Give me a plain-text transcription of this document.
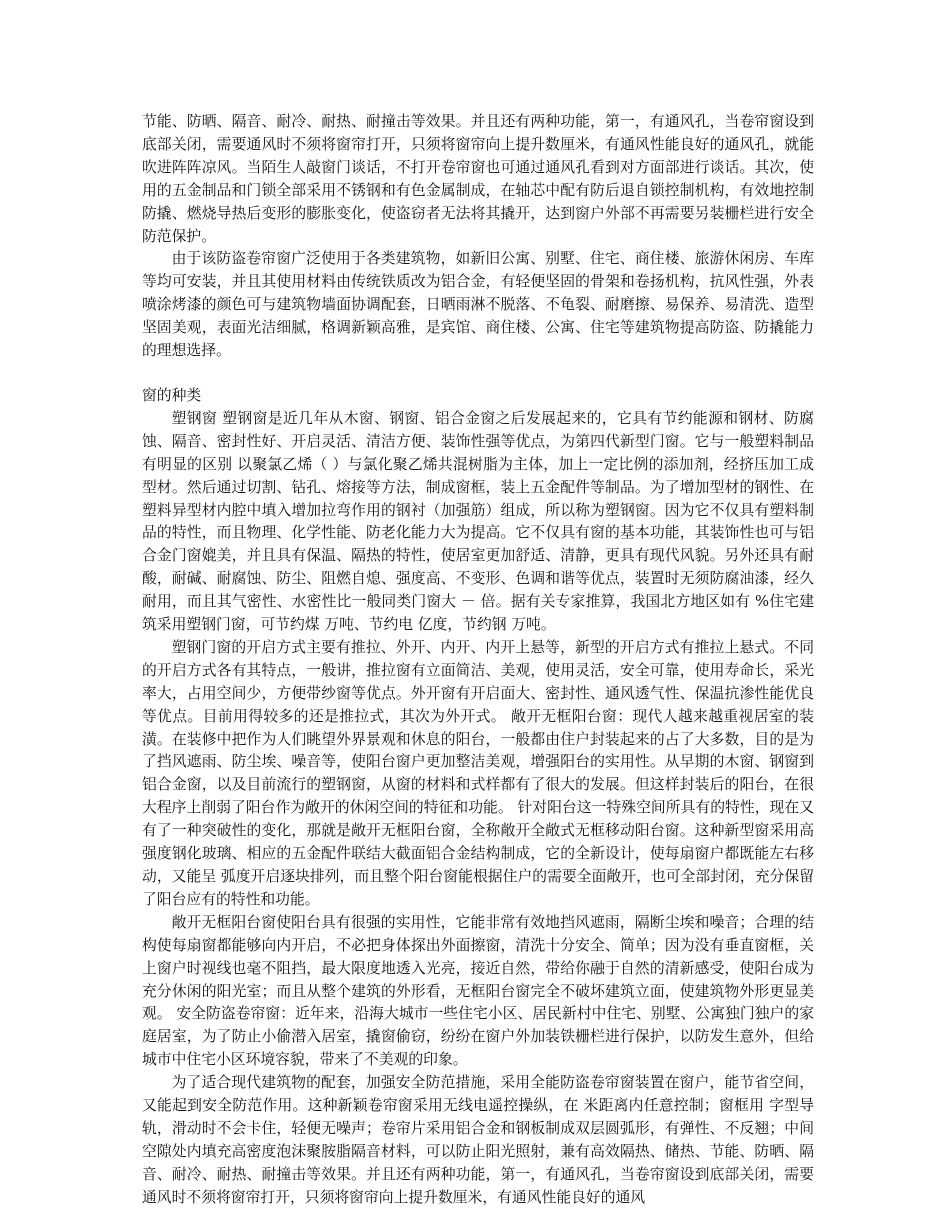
节能、防晒、隔音、耐冷、耐热、耐撞击等效果。并且还有两种功能，第一，有通风孔，当卷帘窗设到底部关闭，需要通风时不须将窗帘打开，只须将窗帘向上提升数厘米，有通风性能良好的通风孔，就能吹进阵阵凉风。当陌生人敲窗门谈话，不打开卷帘窗也可通过通风孔看到对方面部进行谈话。其次，使用的五金制品和门锁全部采用不锈钢和有色金属制成，在轴芯中配有防后退自锁控制机构，有效地控制防撬、燃烧导热后变形的膨胀变化，使盗窃者无法将其撬开，达到窗户外部不再需要另装栅栏进行安全防范保护。

由于该防盗卷帘窗广泛使用于各类建筑物，如新旧公寓、别墅、住宅、商住楼、旅游休闲房、车库等均可安装，并且其使用材料由传统铁质改为铝合金，有轻便坚固的骨架和卷扬机构，抗风性强，外表喷涂烤漆的颜色可与建筑物墙面协调配套，日晒雨淋不脱落、不龟裂、耐磨擦、易保养、易清洗、造型坚固美观，表面光洁细腻，格调新颖高雅，是宾馆、商住楼、公寓、住宅等建筑物提高防盗、防撬能力的理想选择。

窗的种类

塑钢窗 塑钢窗是近几年从木窗、钢窗、铝合金窗之后发展起来的，它具有节约能源和钢材、防腐蚀、隔音、密封性好、开启灵活、清洁方便、装饰性强等优点，为第四代新型门窗。它与一般塑料制品有明显的区别 以聚氯乙烯（ ）与氯化聚乙烯共混树脂为主体，加上一定比例的添加剂，经挤压加工成型材。然后通过切割、钻孔、熔接等方法，制成窗框，装上五金配件等制品。为了增加型材的钢性、在塑料异型材内腔中填入增加拉弯作用的钢衬（加强筋）组成，所以称为塑钢窗。因为它不仅具有塑料制品的特性，而且物理、化学性能、防老化能力大为提高。它不仅具有窗的基本功能，其装饰性也可与铝合金门窗媲美，并且具有保温、隔热的特性，使居室更加舒适、清静，更具有现代风貌。另外还具有耐酸，耐碱、耐腐蚀、防尘、阻燃自熄、强度高、不变形、色调和谐等优点，装置时无须防腐油漆，经久耐用，而且其气密性、水密性比一般同类门窗大 － 倍。据有关专家推算，我国北方地区如有 %住宅建筑采用塑钢门窗，可节约煤 万吨、节约电 亿度，节约钢 万吨。

塑钢门窗的开启方式主要有推拉、外开、内开、内开上悬等，新型的开启方式有推拉上悬式。不同的开启方式各有其特点，一般讲，推拉窗有立面简洁、美观，使用灵活，安全可靠，使用寿命长，采光率大，占用空间少，方便带纱窗等优点。外开窗有开启面大、密封性、通风透气性、保温抗渗性能优良等优点。目前用得较多的还是推拉式，其次为外开式。 敞开无框阳台窗：现代人越来越重视居室的装潢。在装修中把作为人们眺望外界景观和休息的阳台，一般都由住户封装起来的占了大多数，目的是为了挡风遮雨、防尘埃、噪音等，使阳台窗户更加整洁美观，增强阳台的实用性。从早期的木窗、钢窗到铝合金窗，以及目前流行的塑钢窗，从窗的材料和式样都有了很大的发展。但这样封装后的阳台，在很大程序上削弱了阳台作为敞开的休闲空间的特征和功能。 针对阳台这一特殊空间所具有的特性，现在又有了一种突破性的变化，那就是敞开无框阳台窗，全称敞开全敞式无框移动阳台窗。这种新型窗采用高强度钢化玻璃、相应的五金配件联结大截面铝合金结构制成，它的全新设计，使每扇窗户都既能左右移动，又能呈 弧度开启逐块排列，而且整个阳台窗能根据住户的需要全面敞开，也可全部封闭，充分保留了阳台应有的特性和功能。

敞开无框阳台窗使阳台具有很强的实用性，它能非常有效地挡风遮雨，隔断尘埃和噪音；合理的结构使每扇窗都能够向内开启，不必把身体探出外面擦窗，清洗十分安全、简单；因为没有垂直窗框，关上窗户时视线也毫不阻挡，最大限度地透入光亮，接近自然，带给你融于自然的清新感受，使阳台成为充分休闲的阳光室；而且从整个建筑的外形看，无框阳台窗完全不破坏建筑立面，使建筑物外形更显美观。 安全防盗卷帘窗：近年来，沿海大城市一些住宅小区、居民新村中住宅、别墅、公寓独门独户的家庭居室，为了防止小偷潜入居室，撬窗偷窃，纷纷在窗户外加装铁栅栏进行保护，以防发生意外，但给城市中住宅小区环境容貌，带来了不美观的印象。

为了适合现代建筑物的配套，加强安全防范措施，采用全能防盗卷帘窗装置在窗户，能节省空间，又能起到安全防范作用。这种新颖卷帘窗采用无线电遥控操纵，在 米距离内任意控制；窗框用 字型导轨，滑动时不会卡住，轻便无噪声；卷帘片采用铝合金和钢板制成双层圆弧形，有弹性、不反翘；中间空隙处内填充高密度泡沫聚胺脂隔音材料，可以防止阳光照射，兼有高效隔热、储热、节能、防晒、隔音、耐冷、耐热、耐撞击等效果。并且还有两种功能，第一，有通风孔，当卷帘窗设到底部关闭，需要通风时不须将窗帘打开，只须将窗帘向上提升数厘米，有通风性能良好的通风
